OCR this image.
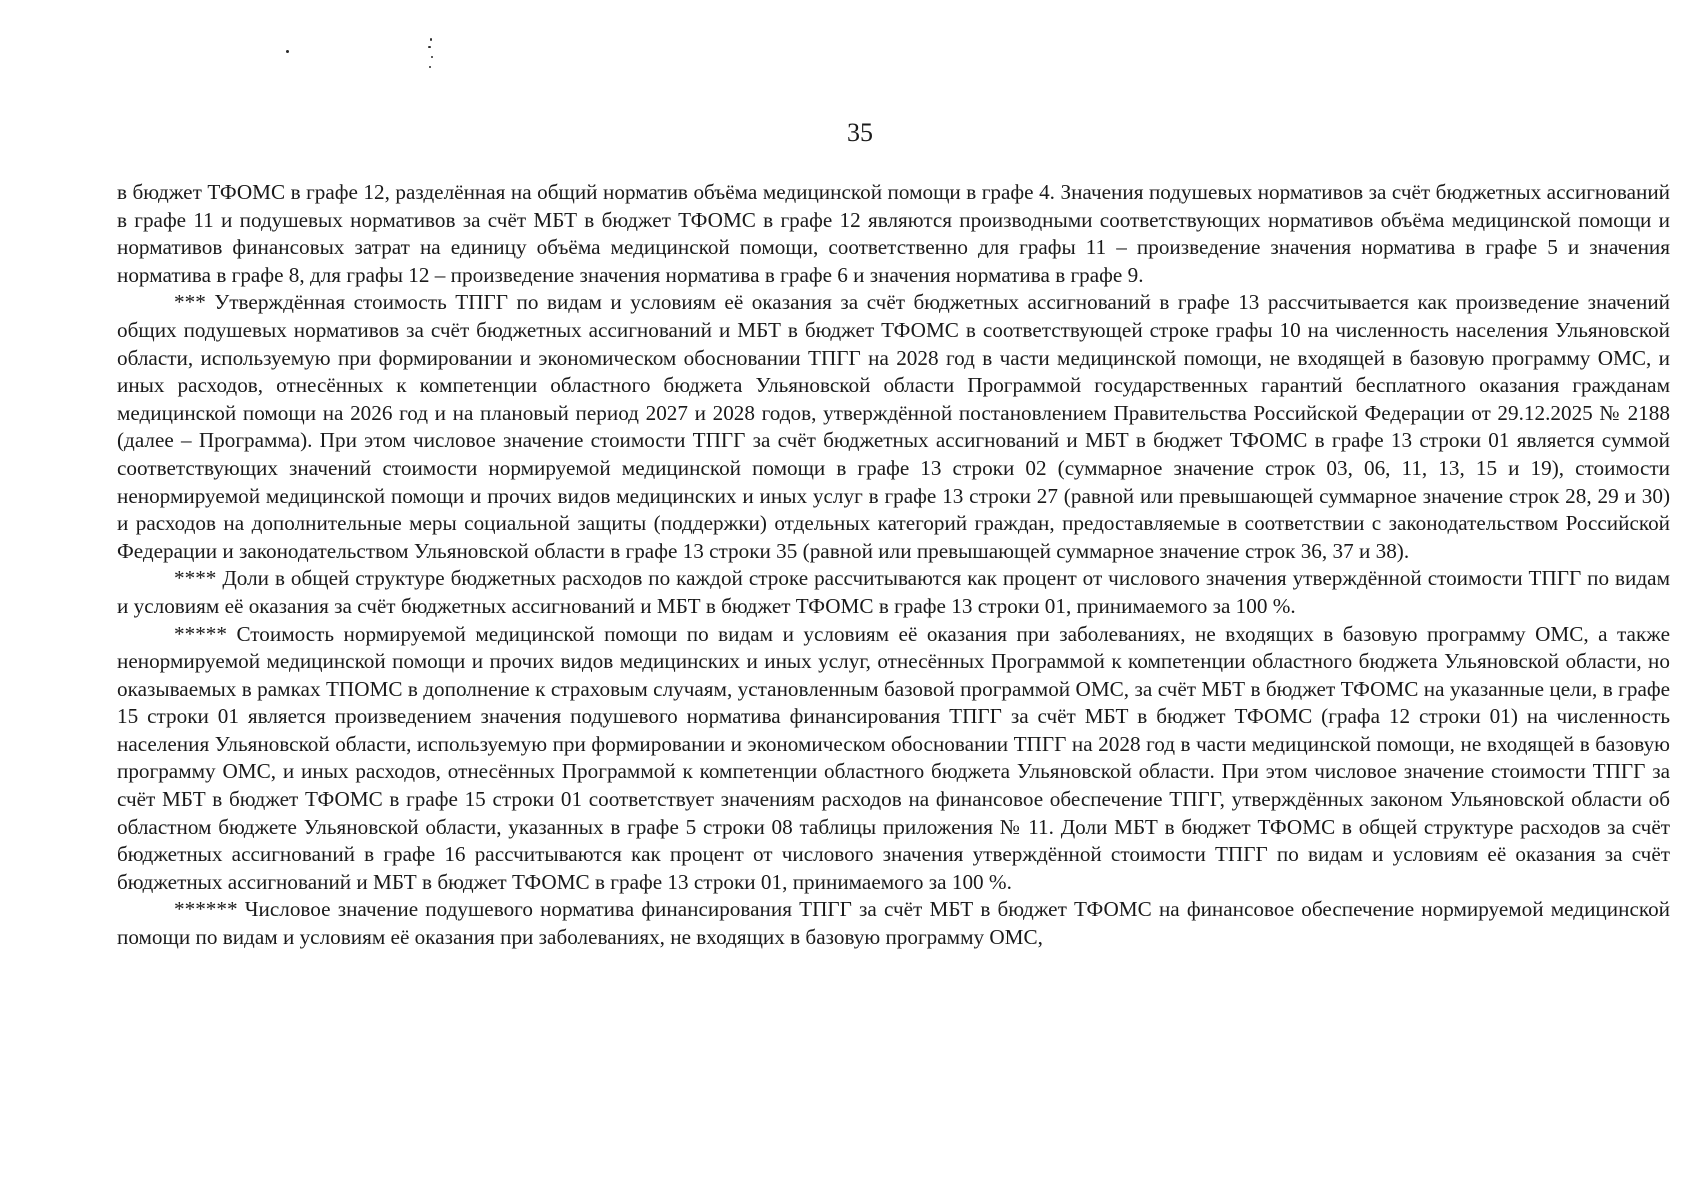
35

в бюджет ТФОМС в графе 12, разделённая на общий норматив объёма медицинской помощи в графе 4. Значения подушевых нормативов за счёт бюджетных ассигнований в графе 11 и подушевых нормативов за счёт МБТ в бюджет ТФОМС в графе 12 являются производными соответствующих нормативов объёма медицинской помощи и нормативов финансовых затрат на единицу объёма медицинской помощи, соответственно для графы 11 – произведение значения норматива в графе 5 и значения норматива в графе 8, для графы 12 – произведение значения норматива в графе 6 и значения норматива в графе 9.

*** Утверждённая стоимость ТПГГ по видам и условиям её оказания за счёт бюджетных ассигнований в графе 13 рассчитывается как произведение значений общих подушевых нормативов за счёт бюджетных ассигнований и МБТ в бюджет ТФОМС в соответствующей строке графы 10 на численность населения Ульяновской области, используемую при формировании и экономическом обосновании ТПГГ на 2028 год в части медицинской помощи, не входящей в базовую программу ОМС, и иных расходов, отнесённых к компетенции областного бюджета Ульяновской области Программой государственных гарантий бесплатного оказания гражданам медицинской помощи на 2026 год и на плановый период 2027 и 2028 годов, утверждённой постановлением Правительства Российской Федерации от 29.12.2025 № 2188 (далее – Программа). При этом числовое значение стоимости ТПГГ за счёт бюджетных ассигнований и МБТ в бюджет ТФОМС в графе 13 строки 01 является суммой соответствующих значений стоимости нормируемой медицинской помощи в графе 13 строки 02 (суммарное значение строк 03, 06, 11, 13, 15 и 19), стоимости ненормируемой медицинской помощи и прочих видов медицинских и иных услуг в графе 13 строки 27 (равной или превышающей суммарное значение строк 28, 29 и 30) и расходов на дополнительные меры социальной защиты (поддержки) отдельных категорий граждан, предоставляемые в соответствии с законодательством Российской Федерации и законодательством Ульяновской области в графе 13 строки 35 (равной или превышающей суммарное значение строк 36, 37 и 38).

**** Доли в общей структуре бюджетных расходов по каждой строке рассчитываются как процент от числового значения утверждённой стоимости ТПГГ по видам и условиям её оказания за счёт бюджетных ассигнований и МБТ в бюджет ТФОМС в графе 13 строки 01, принимаемого за 100 %.

***** Стоимость нормируемой медицинской помощи по видам и условиям её оказания при заболеваниях, не входящих в базовую программу ОМС, а также ненормируемой медицинской помощи и прочих видов медицинских и иных услуг, отнесённых Программой к компетенции областного бюджета Ульяновской области, но оказываемых в рамках ТПОМС в дополнение к страховым случаям, установленным базовой программой ОМС, за счёт МБТ в бюджет ТФОМС на указанные цели, в графе 15 строки 01 является произведением значения подушевого норматива финансирования ТПГГ за счёт МБТ в бюджет ТФОМС (графа 12 строки 01) на численность населения Ульяновской области, используемую при формировании и экономическом обосновании ТПГГ на 2028 год в части медицинской помощи, не входящей в базовую программу ОМС, и иных расходов, отнесённых Программой к компетенции областного бюджета Ульяновской области. При этом числовое значение стоимости ТПГГ за счёт МБТ в бюджет ТФОМС в графе 15 строки 01 соответствует значениям расходов на финансовое обеспечение ТПГГ, утверждённых законом Ульяновской области об областном бюджете Ульяновской области, указанных в графе 5 строки 08 таблицы приложения № 11. Доли МБТ в бюджет ТФОМС в общей структуре расходов за счёт бюджетных ассигнований в графе 16 рассчитываются как процент от числового значения утверждённой стоимости ТПГГ по видам и условиям её оказания за счёт бюджетных ассигнований и МБТ в бюджет ТФОМС в графе 13 строки 01, принимаемого за 100 %.

****** Числовое значение подушевого норматива финансирования ТПГГ за счёт МБТ в бюджет ТФОМС на финансовое обеспечение нормируемой медицинской помощи по видам и условиям её оказания при заболеваниях, не входящих в базовую программу ОМС,
